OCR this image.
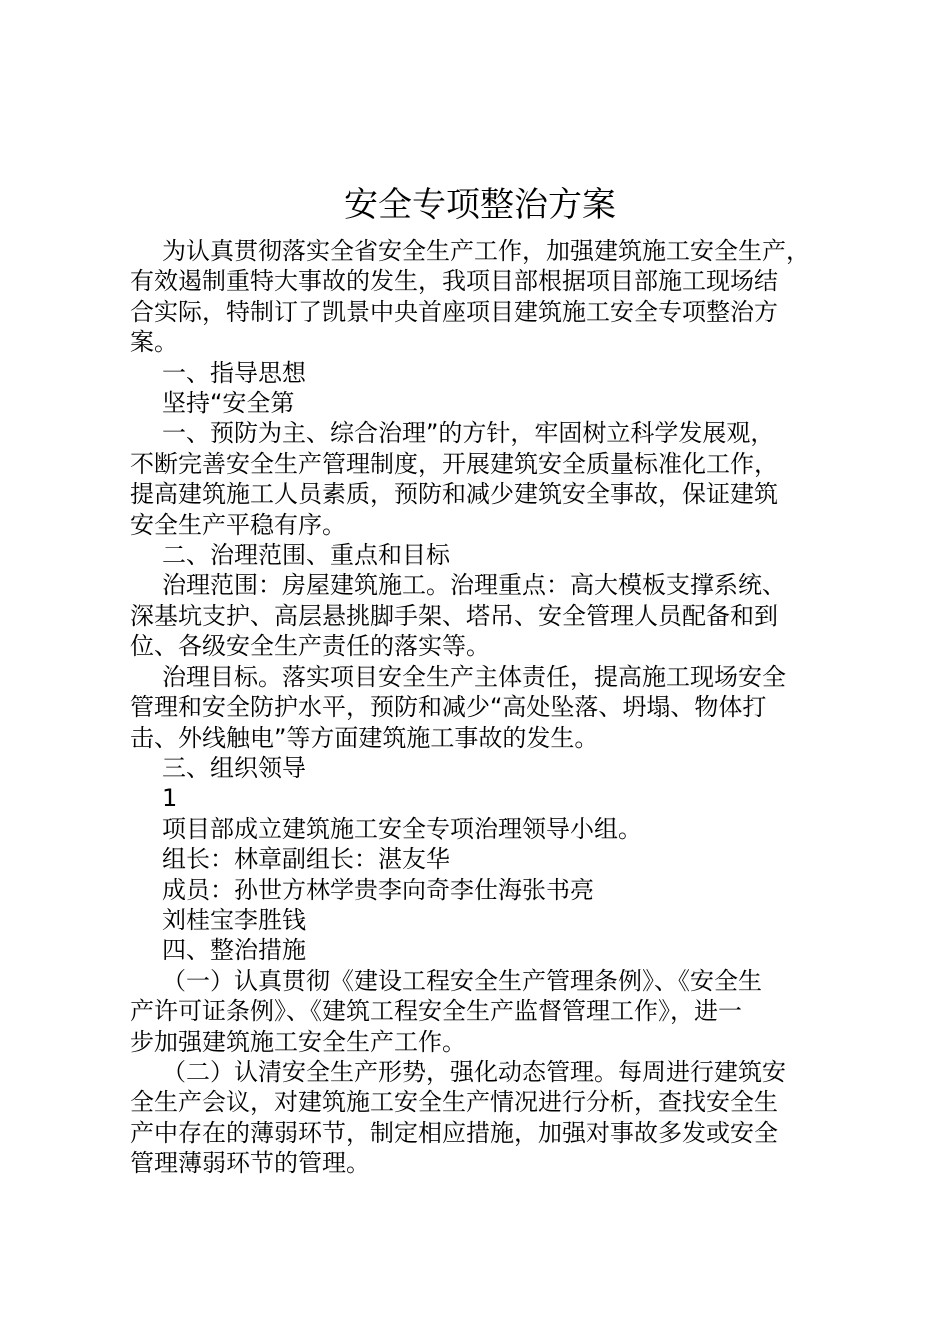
安全专项整治方案

为认真贯彻落实全省安全生产工作，加强建筑施工安全生产，
有效遏制重特大事故的发生，我项目部根据项目部施工现场结
合实际，特制订了凯景中央首座项目建筑施工安全专项整治方
案。

一、指导思想

坚持“安全第

一、预防为主、综合治理”的方针，牢固树立科学发展观，
不断完善安全生产管理制度，开展建筑安全质量标准化工作，
提高建筑施工人员素质，预防和减少建筑安全事故，保证建筑
安全生产平稳有序。

二、治理范围、重点和目标

治理范围：房屋建筑施工。治理重点：高大模板支撑系统、
深基坑支护、高层悬挑脚手架、塔吊、安全管理人员配备和到
位、各级安全生产责任的落实等。

治理目标。落实项目安全生产主体责任，提高施工现场安全
管理和安全防护水平，预防和减少“高处坠落、坍塌、物体打
击、外线触电”等方面建筑施工事故的发生。

三、组织领导

1

项目部成立建筑施工安全专项治理领导小组。

组长：林章副组长：湛友华

成员：孙世方林学贵李向奇李仕海张书亮

刘桂宝李胜钱

四、整治措施

（一）认真贯彻《建设工程安全生产管理条例》、《安全生
产许可证条例》、《建筑工程安全生产监督管理工作》，进一
步加强建筑施工安全生产工作。

（二）认清安全生产形势，强化动态管理。每周进行建筑安
全生产会议，对建筑施工安全生产情况进行分析，查找安全生
产中存在的薄弱环节，制定相应措施，加强对事故多发或安全
管理薄弱环节的管理。
